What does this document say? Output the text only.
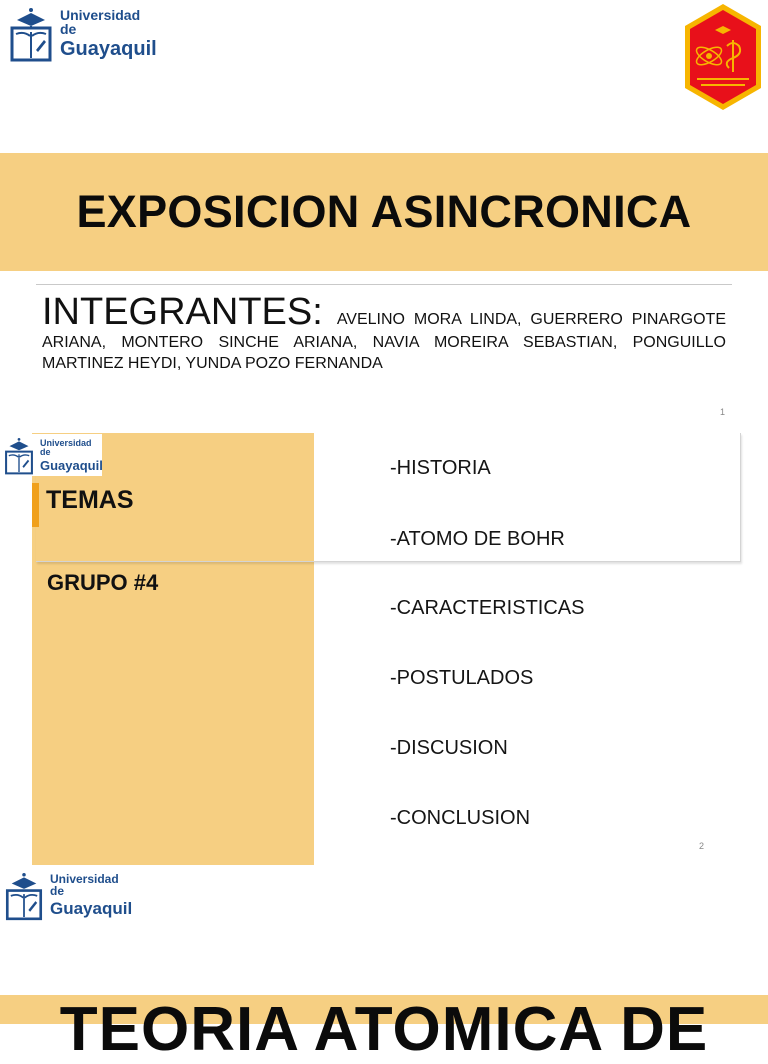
Universidad de
Guayaquil
EXPOSICION ASINCRONICA
INTEGRANTES: AVELINO MORA LINDA, GUERRERO PINARGOTE ARIANA, MONTERO SINCHE ARIANA, NAVIA MOREIRA SEBASTIAN, PONGUILLO MARTINEZ HEYDI, YUNDA POZO FERNANDA
1
Universidad de
Guayaquil
TEMAS
GRUPO #4
-HISTORIA
-ATOMO DE BOHR
-CARACTERISTICAS
-POSTULADOS
-DISCUSION
-CONCLUSION
2
Universidad de
Guayaquil
TEORIA ATOMICA DE
